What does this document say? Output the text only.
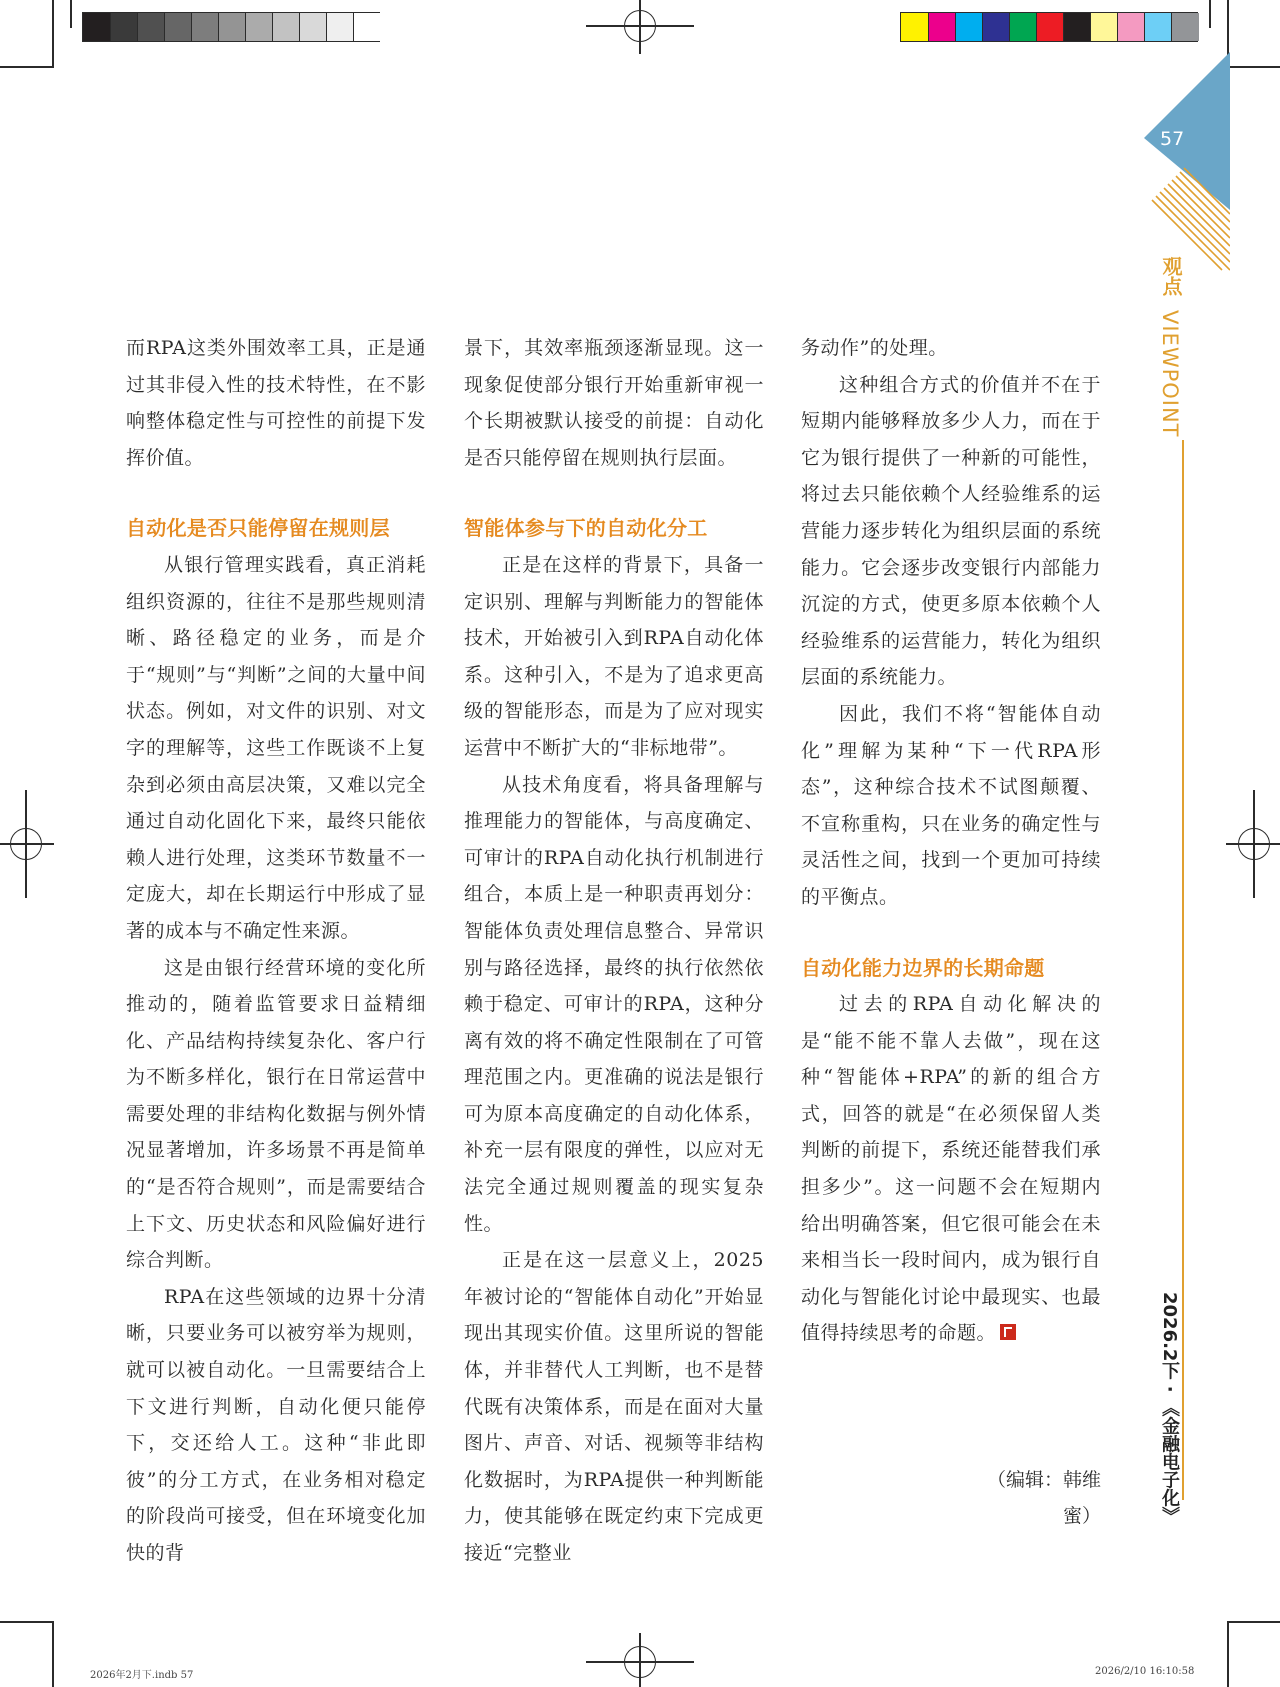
57
观点
VIEWPOINT
2026.2下 · 《金融电子化》

而RPA这类外围效率工具，正是通过其非侵入性的技术特性，在不影响整体稳定性与可控性的前提下发挥价值。

自动化是否只能停留在规则层

从银行管理实践看，真正消耗组织资源的，往往不是那些规则清晰、路径稳定的业务，而是介于“规则”与“判断”之间的大量中间状态。例如，对文件的识别、对文字的理解等，这些工作既谈不上复杂到必须由高层决策，又难以完全通过自动化固化下来，最终只能依赖人进行处理，这类环节数量不一定庞大，却在长期运行中形成了显著的成本与不确定性来源。

这是由银行经营环境的变化所推动的，随着监管要求日益精细化、产品结构持续复杂化、客户行为不断多样化，银行在日常运营中需要处理的非结构化数据与例外情况显著增加，许多场景不再是简单的“是否符合规则”，而是需要结合上下文、历史状态和风险偏好进行综合判断。

RPA在这些领域的边界十分清晰，只要业务可以被穷举为规则，就可以被自动化。一旦需要结合上下文进行判断，自动化便只能停下，交还给人工。这种“非此即彼”的分工方式，在业务相对稳定的阶段尚可接受，但在环境变化加快的背

景下，其效率瓶颈逐渐显现。这一现象促使部分银行开始重新审视一个长期被默认接受的前提：自动化是否只能停留在规则执行层面。

智能体参与下的自动化分工

正是在这样的背景下，具备一定识别、理解与判断能力的智能体技术，开始被引入到RPA自动化体系。这种引入，不是为了追求更高级的智能形态，而是为了应对现实运营中不断扩大的“非标地带”。

从技术角度看，将具备理解与推理能力的智能体，与高度确定、可审计的RPA自动化执行机制进行组合，本质上是一种职责再划分：智能体负责处理信息整合、异常识别与路径选择，最终的执行依然依赖于稳定、可审计的RPA，这种分离有效的将不确定性限制在了可管理范围之内。更准确的说法是银行可为原本高度确定的自动化体系，补充一层有限度的弹性，以应对无法完全通过规则覆盖的现实复杂性。

正是在这一层意义上，2025年被讨论的“智能体自动化”开始显现出其现实价值。这里所说的智能体，并非替代人工判断，也不是替代既有决策体系，而是在面对大量图片、声音、对话、视频等非结构化数据时，为RPA提供一种判断能力，使其能够在既定约束下完成更接近“完整业

务动作”的处理。

这种组合方式的价值并不在于短期内能够释放多少人力，而在于它为银行提供了一种新的可能性，将过去只能依赖个人经验维系的运营能力逐步转化为组织层面的系统能力。它会逐步改变银行内部能力沉淀的方式，使更多原本依赖个人经验维系的运营能力，转化为组织层面的系统能力。

因此，我们不将“智能体自动化”理解为某种“下一代RPA形态”，这种综合技术不试图颠覆、不宣称重构，只在业务的确定性与灵活性之间，找到一个更加可持续的平衡点。

自动化能力边界的长期命题

过去的RPA自动化解决的是“能不能不靠人去做”，现在这种“智能体+RPA”的新的组合方式，回答的就是“在必须保留人类判断的前提下，系统还能替我们承担多少”。这一问题不会在短期内给出明确答案，但它很可能会在未来相当长一段时间内，成为银行自动化与智能化讨论中最现实、也最值得持续思考的命题。

（编辑：韩维蜜）
2026年2月下.indb 57	2026/2/10 16:10:58
